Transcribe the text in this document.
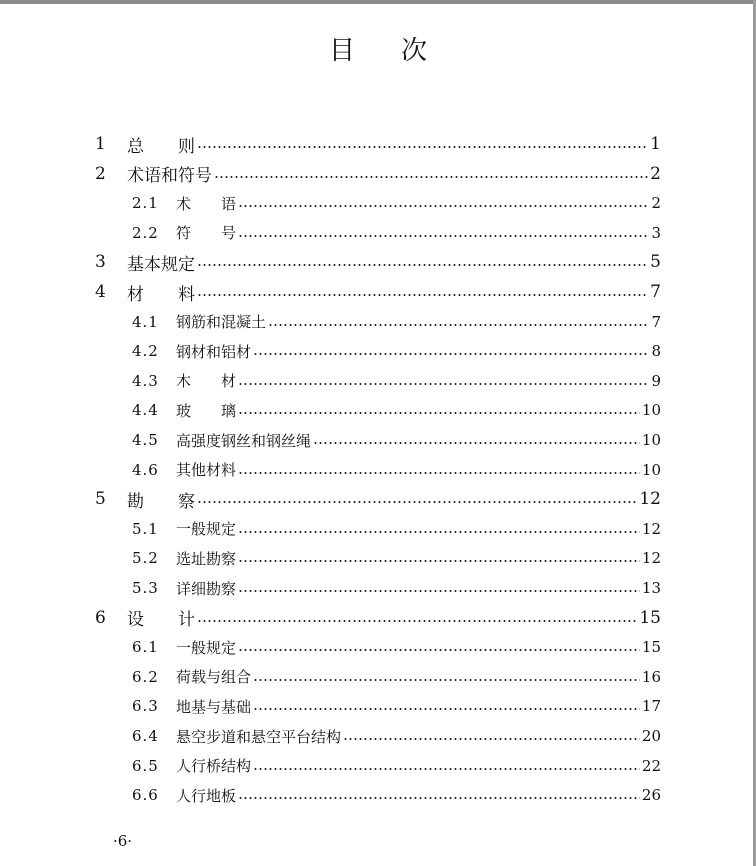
目 次
1	总　　则	1
2	术语和符号	2
2.1	术　　语	2
2.2	符　　号	3
3	基本规定	5
4	材　　料	7
4.1	钢筋和混凝土	7
4.2	钢材和铝材	8
4.3	木　　材	9
4.4	玻　　璃	10
4.5	高强度钢丝和钢丝绳	10
4.6	其他材料	10
5	勘　　察	12
5.1	一般规定	12
5.2	选址勘察	12
5.3	详细勘察	13
6	设　　计	15
6.1	一般规定	15
6.2	荷载与组合	16
6.3	地基与基础	17
6.4	悬空步道和悬空平台结构	20
6.5	人行桥结构	22
6.6	人行地板	26
·6·
